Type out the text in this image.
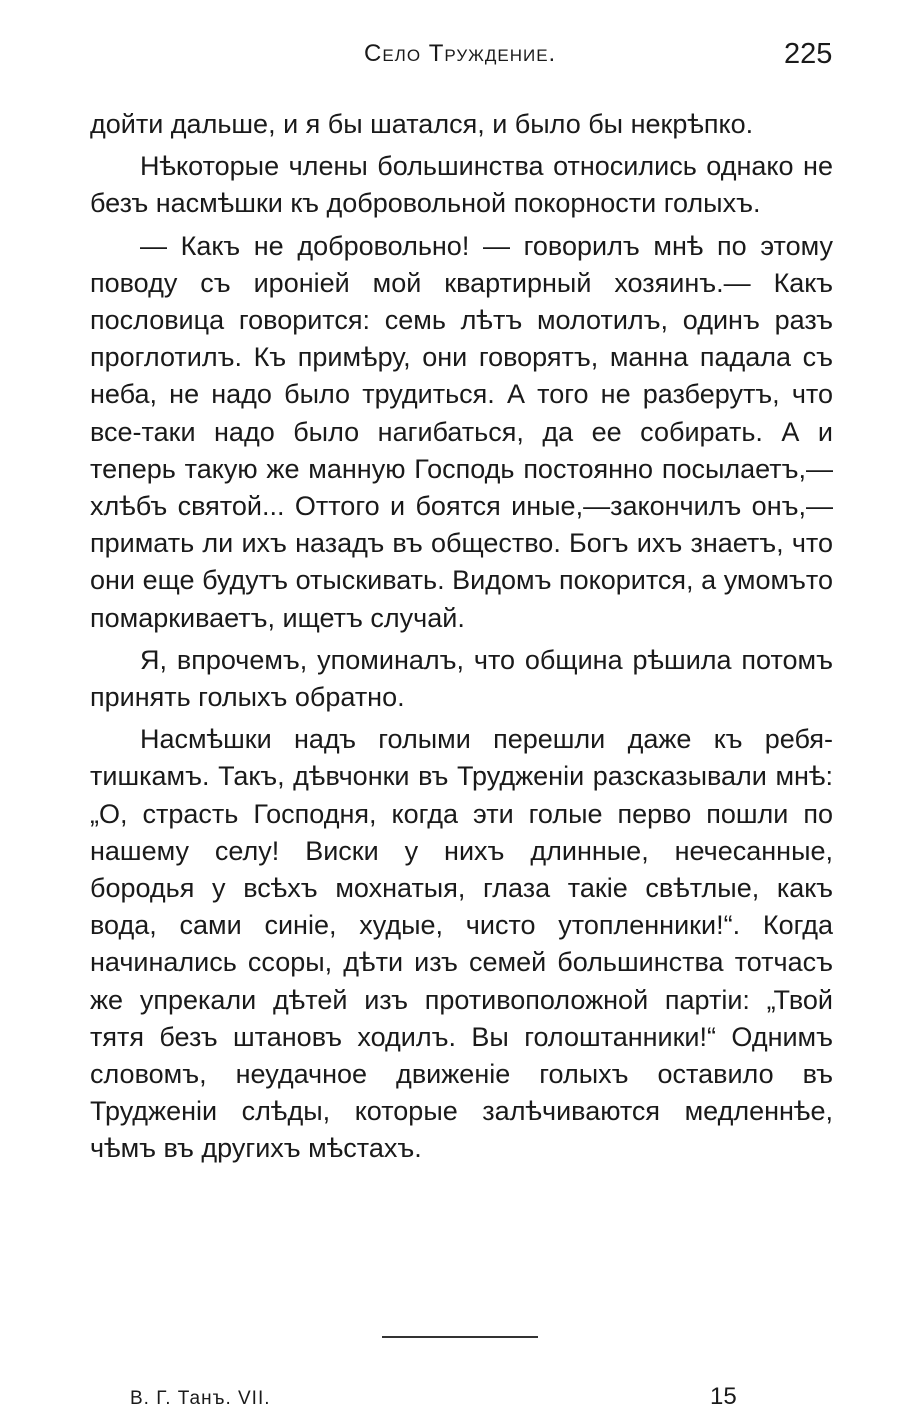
Село Труждение.	225

дойти дальше, и я бы шатался, и было бы некрѣпко.

Нѣкоторые члены большинства относились однако не безъ насмѣшки къ добровольной покорности голыхъ.

— Какъ не добровольно! — говорилъ мнѣ по этому поводу съ ироніей мой квартирный хозяинъ.— Какъ пословица говорится: семь лѣтъ молотилъ, одинъ разъ проглотилъ. Къ примѣру, они говорятъ, манна падала съ неба, не надо было трудиться. А того не разберутъ, что все-таки надо было нагибаться, да ее собирать. А и теперь такую же манную Господь постоянно посылаетъ,—хлѣбъ святой... Оттого и боятся иные,—закончилъ онъ,—примать ли ихъ назадъ въ общество. Богъ ихъ знаетъ, что они еще будутъ отыскивать. Видомъ покорится, а умомъто помаркиваетъ, ищетъ случай.

Я, впрочемъ, упоминалъ, что община рѣшила потомъ принять голыхъ обратно.

Насмѣшки надъ голыми перешли даже къ ребятишкамъ. Такъ, дѣвчонки въ Трудженіи разсказывали мнѣ: „О, страсть Господня, когда эти голые перво пошли по нашему селу! Виски у нихъ длинные, нечесанные, бородья у всѣхъ мохнатыя, глаза такіе свѣтлые, какъ вода, сами синіе, худые, чисто утопленники!“. Когда начинались ссоры, дѣти изъ семей большинства тотчасъ же упрекали дѣтей изъ противоположной партіи: „Твой тятя безъ штановъ ходилъ. Вы голоштанники!“ Однимъ словомъ, неудачное движеніе голыхъ оставило въ Трудженіи слѣды, которые залѣчиваются медленнѣе, чѣмъ въ другихъ мѣстахъ.

В. Г. Танъ. VII.	15
